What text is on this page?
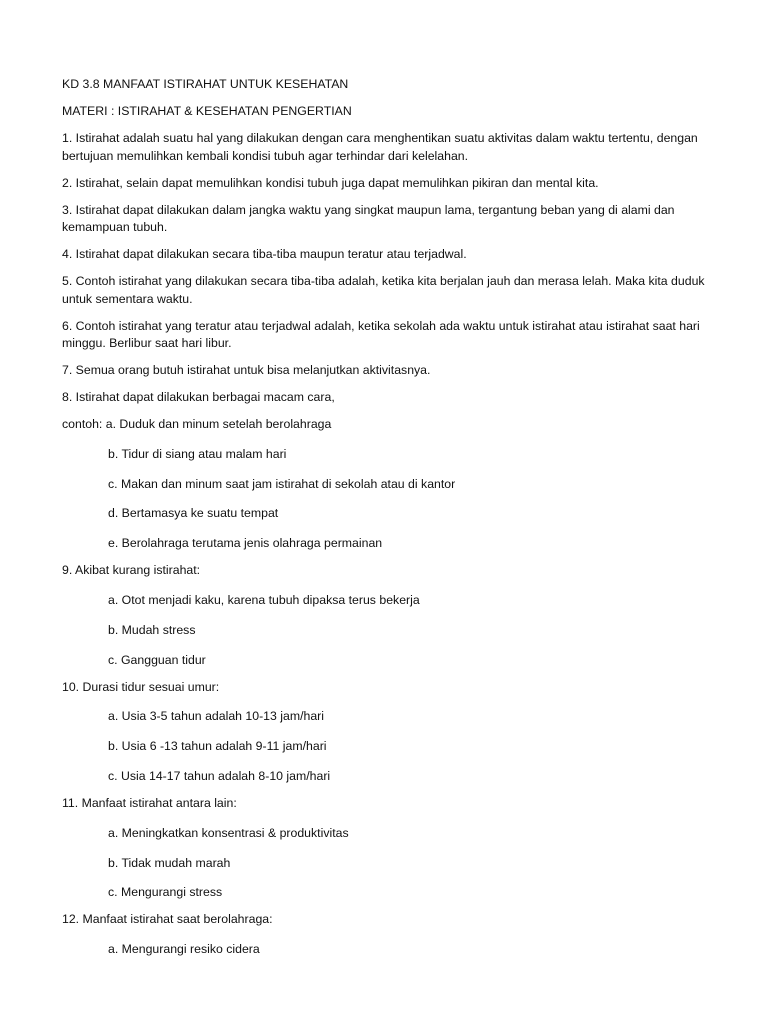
KD 3.8 MANFAAT ISTIRAHAT UNTUK KESEHATAN

MATERI : ISTIRAHAT & KESEHATAN PENGERTIAN

1. Istirahat adalah suatu hal yang dilakukan dengan cara menghentikan suatu aktivitas dalam waktu tertentu, dengan bertujuan memulihkan kembali kondisi tubuh agar terhindar dari kelelahan.

2. Istirahat, selain dapat memulihkan kondisi tubuh juga dapat memulihkan pikiran dan mental kita.

3. Istirahat dapat dilakukan dalam jangka waktu yang singkat maupun lama, tergantung beban yang di alami dan kemampuan tubuh.

4. Istirahat dapat dilakukan secara tiba-tiba maupun teratur atau terjadwal.

5. Contoh istirahat yang dilakukan secara tiba-tiba adalah, ketika kita berjalan jauh dan merasa lelah. Maka kita duduk untuk sementara waktu.

6. Contoh istirahat yang teratur atau terjadwal adalah, ketika sekolah ada waktu untuk istirahat atau istirahat saat hari minggu. Berlibur saat hari libur.

7. Semua orang butuh istirahat untuk bisa melanjutkan aktivitasnya.

8. Istirahat dapat dilakukan berbagai macam cara,

contoh: a. Duduk dan minum setelah berolahraga

b. Tidur di siang atau malam hari

c. Makan dan minum saat jam istirahat di sekolah atau di kantor

d. Bertamasya ke suatu tempat

e. Berolahraga terutama jenis olahraga permainan

9. Akibat kurang istirahat:

a. Otot menjadi kaku, karena tubuh dipaksa terus bekerja

b. Mudah stress

c. Gangguan tidur

10. Durasi tidur sesuai umur:

a. Usia 3-5 tahun adalah 10-13 jam/hari

b. Usia 6 -13 tahun adalah 9-11 jam/hari

c. Usia 14-17 tahun adalah 8-10 jam/hari

11. Manfaat istirahat antara lain:

a. Meningkatkan konsentrasi & produktivitas

b. Tidak mudah marah

c. Mengurangi stress

12. Manfaat istirahat saat berolahraga:

a. Mengurangi resiko cidera
